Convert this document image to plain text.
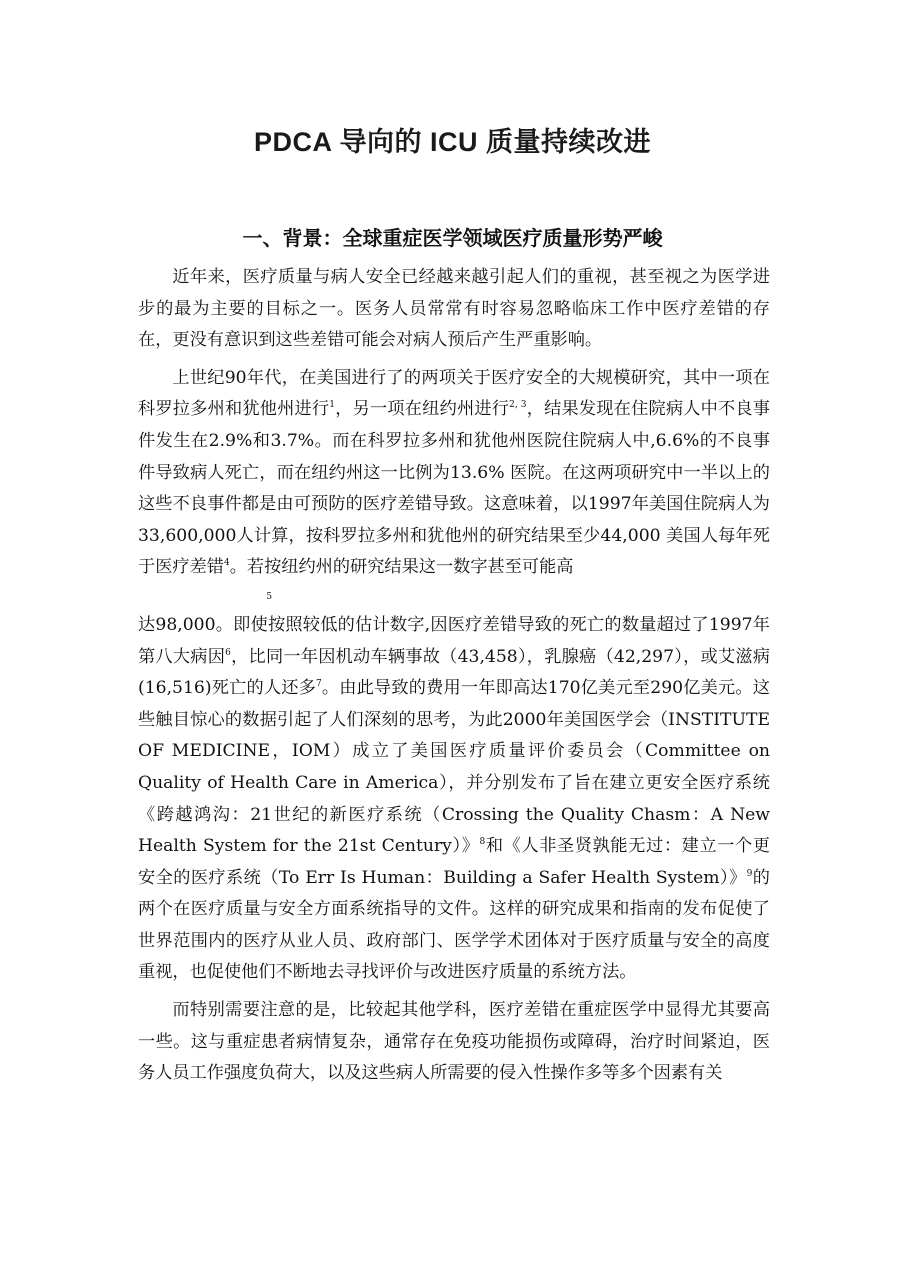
PDCA 导向的 ICU 质量持续改进
一、背景：全球重症医学领域医疗质量形势严峻

近年来，医疗质量与病人安全已经越来越引起人们的重视，甚至视之为医学进步的最为主要的目标之一。医务人员常常有时容易忽略临床工作中医疗差错的存在，更没有意识到这些差错可能会对病人预后产生严重影响。

上世纪90年代，在美国进行了的两项关于医疗安全的大规模研究，其中一项在科罗拉多州和犹他州进行$^1$，另一项在纽约州进行$^{2, 3}$，结果发现在住院病人中不良事件发生在2.9%和3.7%。而在科罗拉多州和犹他州医院住院病人中,6.6%的不良事件导致病人死亡，而在纽约州这一比例为13.6% 医院。在这两项研究中一半以上的这些不良事件都是由可预防的医疗差错导致。这意味着，以1997年美国住院病人为33,600,000人计算，按科罗拉多州和犹他州的研究结果至少44,000 美国人每年死于医疗差错$^4$。若按纽约州的研究结果这一数字甚至可能高
5
达98,000。即使按照较低的估计数字,因医疗差错导致的死亡的数量超过了1997年第八大病因$^6$，比同一年因机动车辆事故（43,458），乳腺癌（42,297），或艾滋病(16,516)死亡的人还多$^7$。由此导致的费用一年即高达170亿美元至290亿美元。这些触目惊心的数据引起了人们深刻的思考，为此2000年美国医学会（INSTITUTE OF MEDICINE，IOM）成立了美国医疗质量评价委员会（Committee on Quality of Health Care in America），并分别发布了旨在建立更安全医疗系统《跨越鸿沟：21世纪的新医疗系统（Crossing the Quality Chasm：A New Health System for the 21st Century）》$^8$和《人非圣贤孰能无过：建立一个更安全的医疗系统（To Err Is Human：Building a Safer Health System）》$^9$的两个在医疗质量与安全方面系统指导的文件。这样的研究成果和指南的发布促使了世界范围内的医疗从业人员、政府部门、医学学术团体对于医疗质量与安全的高度重视，也促使他们不断地去寻找评价与改进医疗质量的系统方法。

而特别需要注意的是，比较起其他学科，医疗差错在重症医学中显得尤其要高一些。这与重症患者病情复杂，通常存在免疫功能损伤或障碍，治疗时间紧迫，医务人员工作强度负荷大，以及这些病人所需要的侵入性操作多等多个因素有关
